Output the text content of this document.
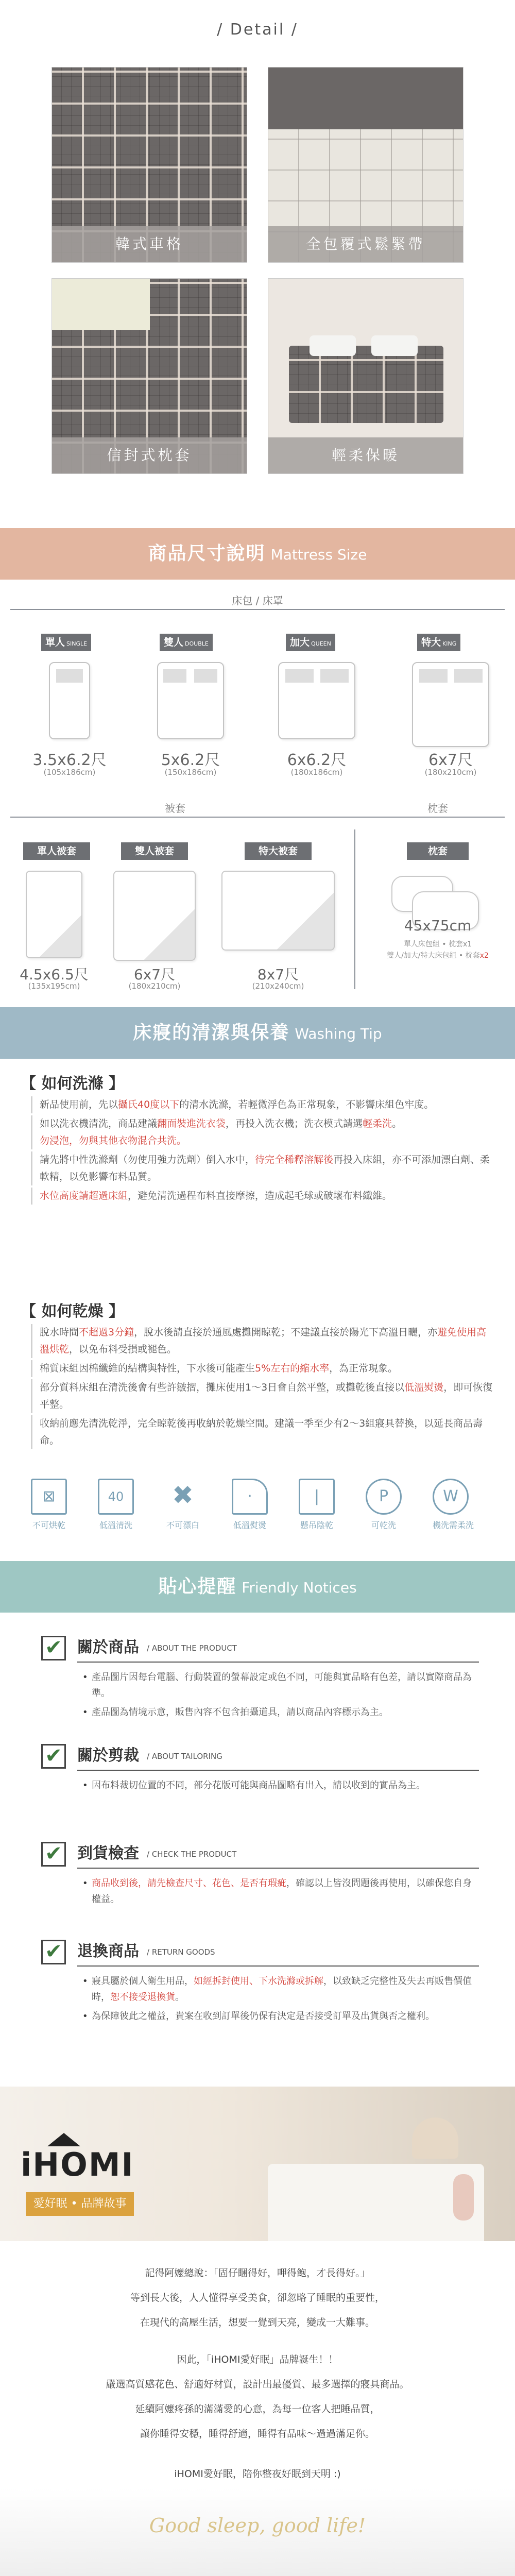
/ Detail /
韓式車格	全包覆式鬆緊帶
信封式枕套	輕柔保暖
商品尺寸說明 Mattress Size
床包 / 床罩
單人 SINGLE
3.5x6.2尺
(105x186cm)
雙人 DOUBLE
5x6.2尺
(150x186cm)
加大 QUEEN
6x6.2尺
(180x186cm)
特大 KING
6x7尺
(180x210cm)
被套	枕套
單人被套
4.5x6.5尺
(135x195cm)
雙人被套
6x7尺
(180x210cm)
特大被套
8x7尺
(210x240cm)
枕套
45x75cm
單人床包組 • 枕套x1
雙人/加大/特大床包組 • 枕套x2
床寢的清潔與保養 Washing Tip
【 如何洗滌 】
新品使用前，先以攝氏40度以下的清水洗滌，若輕微浮色為正常現象，不影響床組色牢度。
如以洗衣機清洗，商品建議翻面裝進洗衣袋，再投入洗衣機；洗衣模式請選輕柔洗。
勿浸泡，勿與其他衣物混合共洗。
請先將中性洗滌劑（勿使用強力洗劑）倒入水中，待完全稀釋溶解後再投入床組，亦不可添加漂白劑、柔軟精，以免影響布料品質。
水位高度請超過床組，避免清洗過程布料直接摩擦，造成起毛球或破壞布料纖維。
【 如何乾燥 】
脫水時間不超過3分鐘，脫水後請直接於通風處攤開晾乾；不建議直接於陽光下高溫日曬，亦避免使用高溫烘乾，以免布料受損或褪色。
棉質床組因棉纖維的結構與特性，下水後可能產生5%左右的縮水率，為正常現象。
部分質料床組在清洗後會有些許皺摺，攤床使用1～3日會自然平整，或攤乾後直接以低溫熨燙，即可恢復平整。
收納前應先清洗乾淨，完全晾乾後再收納於乾燥空間。建議一季至少有2～3組寢具替換，以延長商品壽命。
⊠
不可烘乾
40
低溫清洗
✖
不可漂白
·
低溫熨燙
|
懸吊陰乾
P
可乾洗
W
機洗需柔洗
貼心提醒 Friendly Notices
✔ 關於商品 / ABOUT THE PRODUCT
• 產品圖片因每台電腦、行動裝置的螢幕設定或色不同，可能與實品略有色差，請以實際商品為準。
• 產品圖為情境示意，販售內容不包含拍攝道具，請以商品內容標示為主。
✔ 關於剪裁 / ABOUT TAILORING
• 因布料裁切位置的不同，部分花版可能與商品圖略有出入，請以收到的實品為主。
✔ 到貨檢查 / CHECK THE PRODUCT
• 商品收到後，請先檢查尺寸、花色、是否有瑕疵，確認以上皆沒問題後再使用，以確保您自身權益。
✔ 退換商品 / RETURN GOODS
• 寢具屬於個人衛生用品，如經拆封使用、下水洗滌或拆解，以致缺乏完整性及失去再販售價值時，恕不接受退換貨。
• 為保障彼此之權益，貴案在收到訂單後仍保有決定是否接受訂單及出貨與否之權利。
iHOMI
愛好眠 • 品牌故事
記得阿嬤總說：「固仔睏得好，呷得飽，才長得好。」
等到長大後，人人懂得享受美食，卻忽略了睡眠的重要性，
在現代的高壓生活，想要一覺到天亮，變成一大難事。
因此，「iHOMI愛好眠」品牌誕生！！
嚴選高質感花色、舒適好材質，設計出最優質、最多選擇的寢具商品。
延續阿嬤疼孫的滿滿愛的心意，為每一位客人把睡品質，
讓你睡得安穩，睡得舒適，睡得有品味～過過滿足你。
iHOMI愛好眠，陪你整夜好眠到天明 :)
Good sleep, good life!
